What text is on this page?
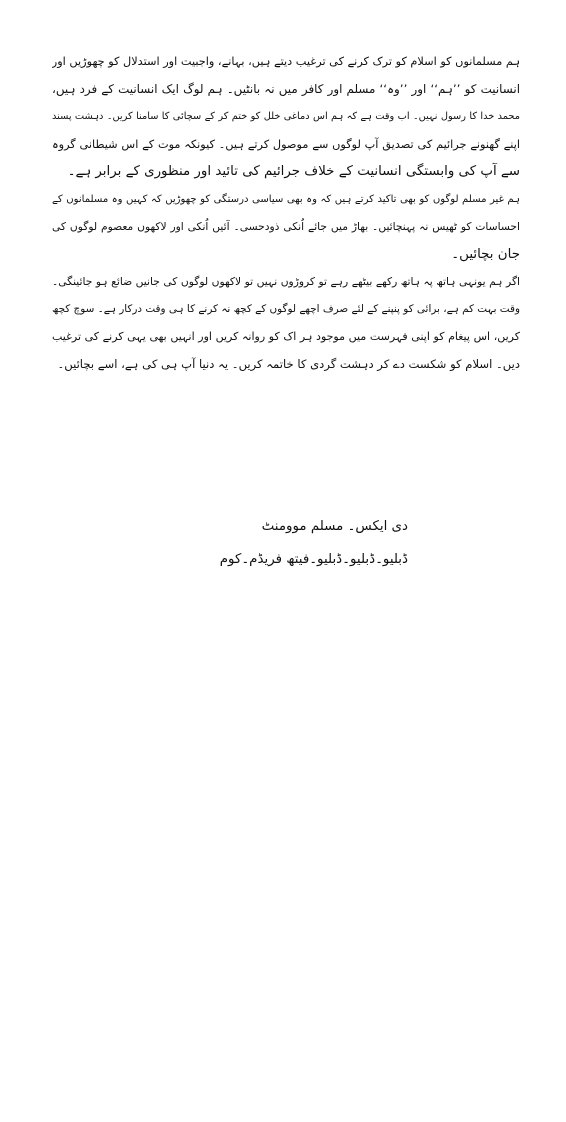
ہم مسلمانوں کو اسلام کو ترک کرنے کی ترغیب دیتے ہیں، بہانے، واجبیت اور استدلال کو چھوڑیں اور
انسانیت کو ’’ہم‘‘ اور ’’وہ‘‘ مسلم اور کافر میں نہ بانٹیں۔ ہم لوگ ایک انسانیت کے فرد ہیں،
محمد خدا کا رسول نہیں۔ اب وقت ہے کہ ہم اس دماغی خلل کو ختم کر کے سچائی کا سامنا کریں۔ دہشت پسند
اپنے گھنونے جرائیم کی تصدیق آپ لوگوں سے موصول کرتے ہیں۔ کیونکہ موت کے اس شیطانی گروہ
سے آپ کی وابستگی انسانیت کے خلاف جرائیم کی تائید اور منظوری کے برابر ہے۔
ہم غیر مسلم لوگوں کو بھی تاکید کرتے ہیں کہ وہ بھی سیاسی درستگی کو چھوڑیں کہ کہیں وہ مسلمانوں کے
احساسات کو ٹھیس نہ پہنچائیں۔ بھاڑ میں جائے اُنکی ذودحسی۔ آئیں اُنکی اور لاکھوں معصوم لوگوں کی
جان بچائیں۔
اگر ہم یونہی ہاتھ پہ ہاتھ رکھے بیٹھے رہے تو کروڑوں نہیں تو لاکھوں لوگوں کی جانیں ضائع ہو جائینگی۔
وقت بہت کم ہے، برائی کو پنپنے کے لئے صرف اچھے لوگوں کے کچھ نہ کرنے کا ہی وقت درکار ہے۔ سوچ کچھ
کریں، اس پیغام کو اپنی فہرست میں موجود ہر اک کو روانہ کریں اور انہیں بھی یہی کرنے کی ترغیب
دیں۔ اسلام کو شکست دے کر دہشت گردی کا خاتمہ کریں۔ یہ دنیا آپ ہی کی ہے، اسے بچائیں۔
دی ایکس۔ مسلم موومنٹ
ڈبلیو۔ڈبلیو۔ڈبلیو۔فیتھ فریڈم۔کوم
